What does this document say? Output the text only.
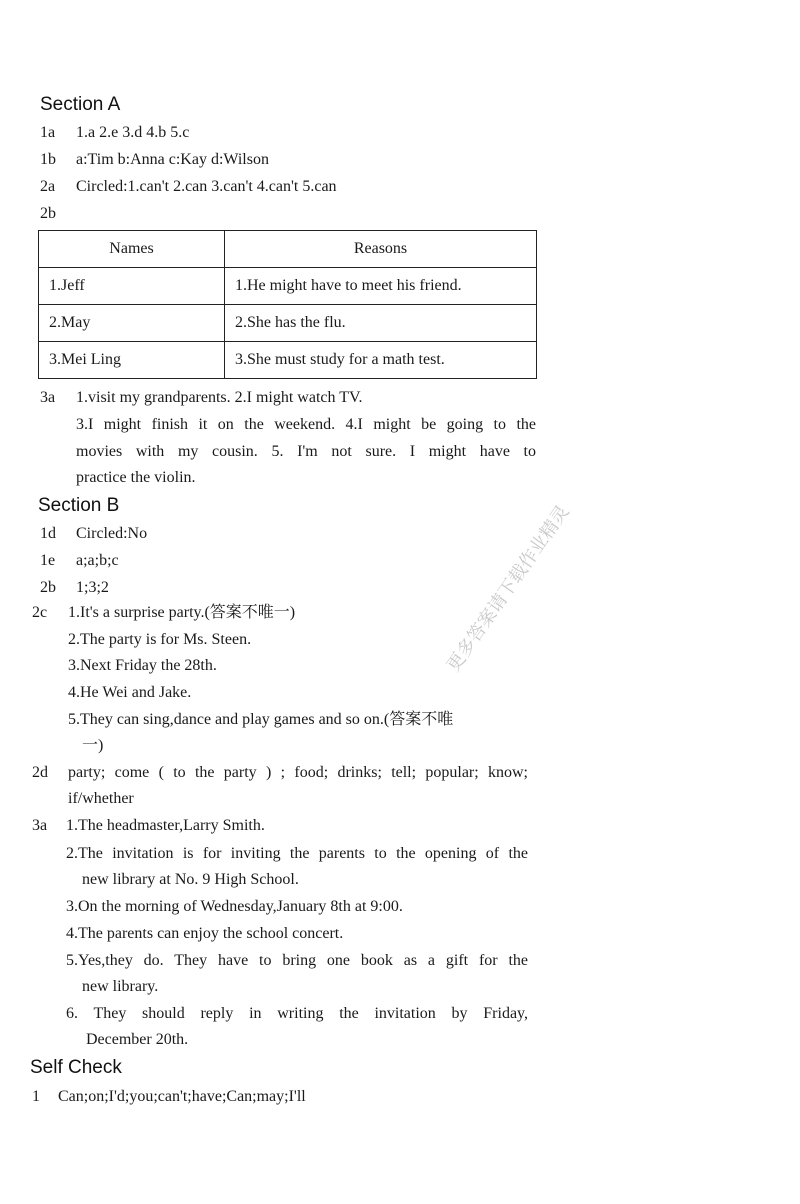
Section A
1a 1.a 2.e 3.d 4.b 5.c
1b a:Tim b:Anna c:Kay d:Wilson
2a Circled:1.can't 2.can 3.can't 4.can't 5.can
2b
Names	Reasons
1.Jeff	1.He might have to meet his friend.
2.May	2.She has the flu.
3.Mei Ling	3.She must study for a math test.
3a 1.visit my grandparents. 2.I might watch TV.
3.I might finish it on the weekend. 4.I might be going to the
movies with my cousin. 5. I'm not sure. I might have to
practice the violin.
Section B
1d Circled:No
1e a;a;b;c
2b 1;3;2
2c 1.It's a surprise party.(答案不唯一)
2.The party is for Ms. Steen.
3.Next Friday the 28th.
4.He Wei and Jake.
5.They can sing,dance and play games and so on.(答案不唯
一)
2d party; come ( to the party ) ; food; drinks; tell; popular; know;
if/whether
3a 1.The headmaster,Larry Smith.
2.The invitation is for inviting the parents to the opening of the
new library at No. 9 High School.
3.On the morning of Wednesday,January 8th at 9:00.
4.The parents can enjoy the school concert.
5.Yes,they do. They have to bring one book as a gift for the
new library.
6. They should reply in writing the invitation by Friday,
December 20th.
Self Check
1 Can;on;I'd;you;can't;have;Can;may;I'll
更多答案请下载作业精灵
